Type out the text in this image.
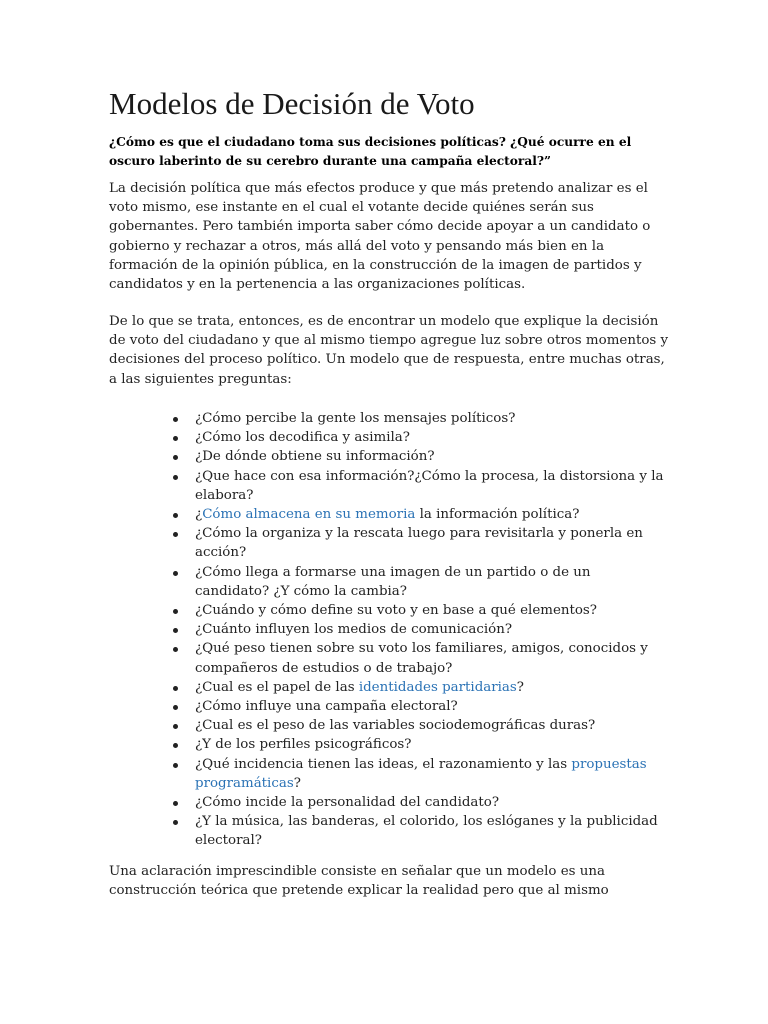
Modelos de Decisión de Voto

¿Cómo es que el ciudadano toma sus decisiones políticas? ¿Qué ocurre en el oscuro laberinto de su cerebro durante una campaña electoral?”

La decisión política que más efectos produce y que más pretendo analizar es el voto mismo, ese instante en el cual el votante decide quiénes serán sus gobernantes. Pero también importa saber cómo decide apoyar a un candidato o gobierno y rechazar a otros, más allá del voto y pensando más bien en la formación de la opinión pública, en la construcción de la imagen de partidos y candidatos y en la pertenencia a las organizaciones políticas.

De lo que se trata, entonces, es de encontrar un modelo que explique la decisión de voto del ciudadano y que al mismo tiempo agregue luz sobre otros momentos y decisiones del proceso político. Un modelo que de respuesta, entre muchas otras, a las siguientes preguntas:

¿Cómo percibe la gente los mensajes políticos?
¿Cómo los decodifica y asimila?
¿De dónde obtiene su información?
¿Que hace con esa información?¿Cómo la procesa, la distorsiona y la elabora?
¿Cómo almacena en su memoria la información política?
¿Cómo la organiza y la rescata luego para revisitarla y ponerla en acción?
¿Cómo llega a formarse una imagen de un partido o de un candidato? ¿Y cómo la cambia?
¿Cuándo y cómo define su voto y en base a qué elementos?
¿Cuánto influyen los medios de comunicación?
¿Qué peso tienen sobre su voto los familiares, amigos, conocidos y compañeros de estudios o de trabajo?
¿Cual es el papel de las identidades partidarias?
¿Cómo influye una campaña electoral?
¿Cual es el peso de las variables sociodemográficas duras?
¿Y de los perfiles psicográficos?
¿Qué incidencia tienen las ideas, el razonamiento y las propuestas programáticas?
¿Cómo incide la personalidad del candidato?
¿Y la música, las banderas, el colorido, los eslóganes y la publicidad electoral?

Una aclaración imprescindible consiste en señalar que un modelo es una construcción teórica que pretende explicar la realidad pero que al mismo
